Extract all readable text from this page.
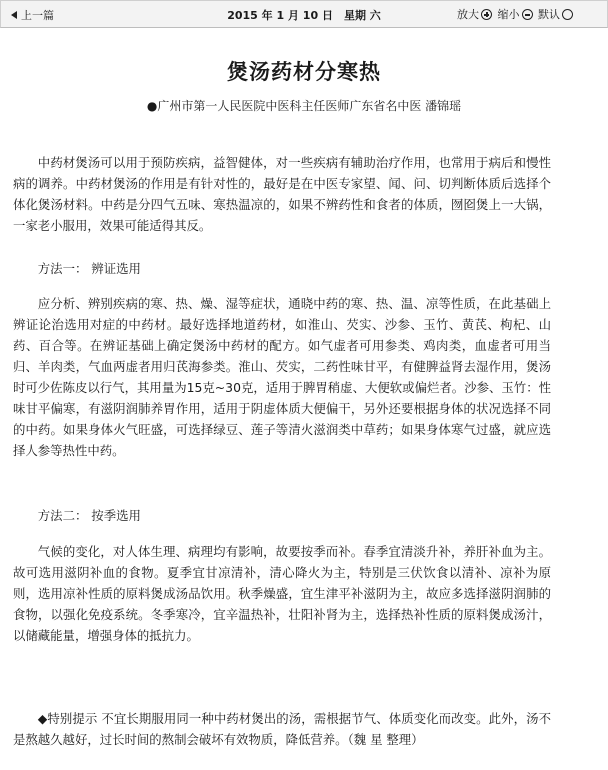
上一篇	2015 年 1 月 10 日　星期 六	放大 缩小 默认
煲汤药材分寒热

●广州市第一人民医院中医科主任医师广东省名中医 潘锦瑶

中药材煲汤可以用于预防疾病，益智健体，对一些疾病有辅助治疗作用，也常用于病后和慢性病的调养。中药材煲汤的作用是有针对性的，最好是在中医专家望、闻、问、切判断体质后选择个体化煲汤材料。中药是分四气五味、寒热温凉的，如果不辨药性和食者的体质，囫囵煲上一大锅，一家老小服用，效果可能适得其反。

方法一： 辨证选用

应分析、辨别疾病的寒、热、燥、湿等症状，通晓中药的寒、热、温、凉等性质，在此基础上辨证论治选用对症的中药材。最好选择地道药材，如淮山、芡实、沙参、玉竹、黄芪、枸杞、山药、百合等。在辨证基础上确定煲汤中药材的配方。如气虚者可用参类、鸡肉类，血虚者可用当归、羊肉类，气血两虚者用归芪海参类。淮山、芡实，二药性味甘平，有健脾益肾去湿作用，煲汤时可少佐陈皮以行气，其用量为15克~30克，适用于脾胃稍虚、大便软或偏烂者。沙参、玉竹：性味甘平偏寒，有滋阴润肺养胃作用，适用于阴虚体质大便偏干，另外还要根据身体的状况选择不同的中药。如果身体火气旺盛，可选择绿豆、莲子等清火滋润类中草药；如果身体寒气过盛，就应选择人参等热性中药。

方法二： 按季选用

气候的变化，对人体生理、病理均有影响，故要按季而补。春季宜清淡升补，养肝补血为主。故可选用滋阴补血的食物。夏季宜甘凉清补，清心降火为主，特别是三伏饮食以清补、凉补为原则，选用凉补性质的原料煲成汤品饮用。秋季燥盛，宜生津平补滋阴为主，故应多选择滋阴润肺的食物，以强化免疫系统。冬季寒冷，宜辛温热补，壮阳补肾为主，选择热补性质的原料煲成汤汁，以储藏能量，增强身体的抵抗力。

◆特别提示 不宜长期服用同一种中药材煲出的汤，需根据节气、体质变化而改变。此外，汤不是熬越久越好，过长时间的熬制会破坏有效物质，降低营养。（魏 星 整理）
